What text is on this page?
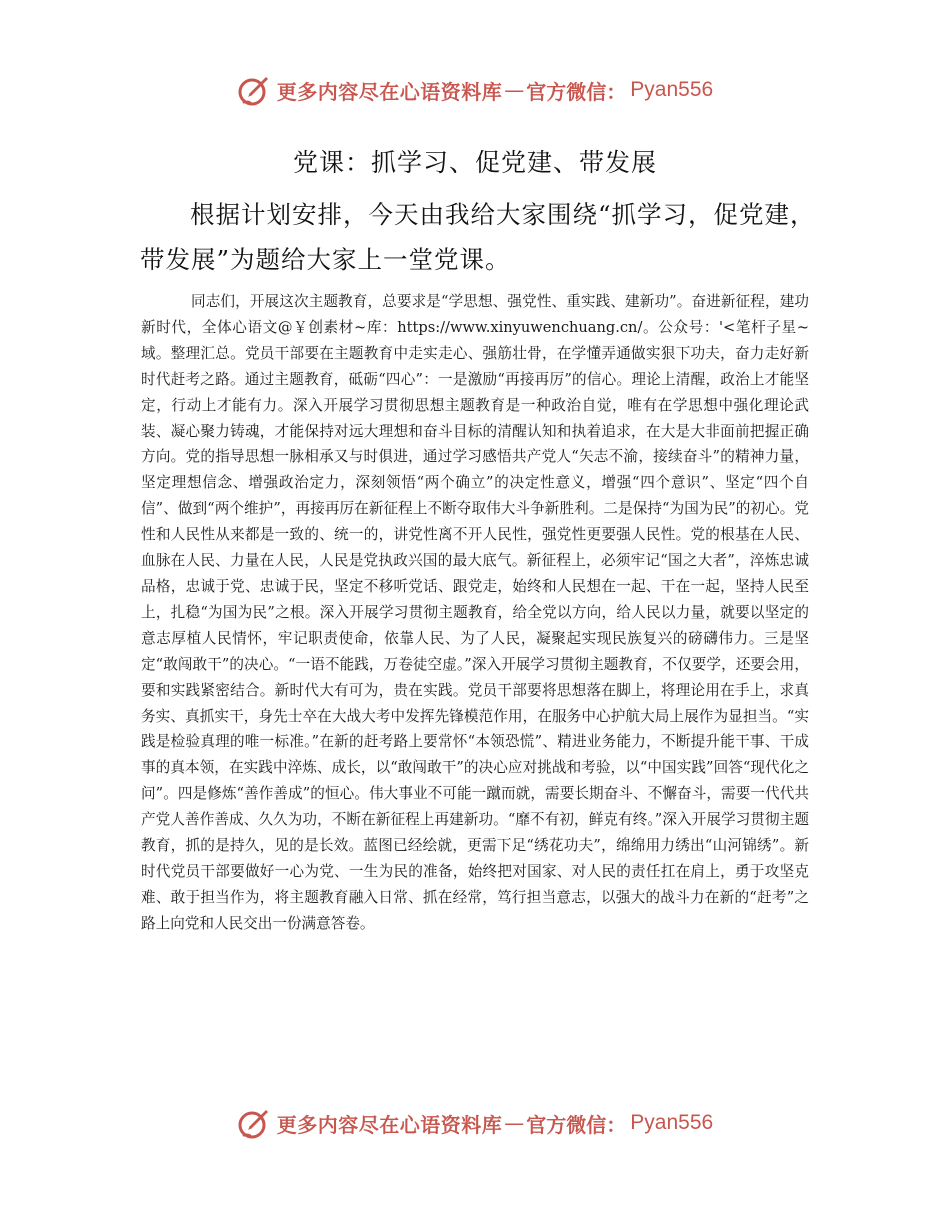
更多内容尽在心语资料库 — 官方微信： Pyan556
党课：抓学习、促党建、带发展

根据计划安排，今天由我给大家围绕“抓学习，促党建，带发展”为题给大家上一堂党课。

同志们，开展这次主题教育，总要求是“学思想、强党性、重实践、建新功”。奋进新征程，建功新时代，全体心语文@￥创素材~库：https://www.xinyuwenchuang.cn/。公众号：'<笔杆子星~域。整理汇总。党员干部要在主题教育中走实走心、强筋壮骨，在学懂弄通做实狠下功夫，奋力走好新时代赶考之路。通过主题教育，砥砺“四心”：一是激励“再接再厉”的信心。理论上清醒，政治上才能坚定，行动上才能有力。深入开展学习贯彻思想主题教育是一种政治自觉，唯有在学思想中强化理论武装、凝心聚力铸魂，才能保持对远大理想和奋斗目标的清醒认知和执着追求，在大是大非面前把握正确方向。党的指导思想一脉相承又与时俱进，通过学习感悟共产党人“矢志不渝，接续奋斗”的精神力量，坚定理想信念、增强政治定力，深刻领悟“两个确立”的决定性意义，增强“四个意识”、坚定“四个自信”、做到“两个维护”，再接再厉在新征程上不断夺取伟大斗争新胜利。二是保持“为国为民”的初心。党性和人民性从来都是一致的、统一的，讲党性离不开人民性，强党性更要强人民性。党的根基在人民、血脉在人民、力量在人民，人民是党执政兴国的最大底气。新征程上，必须牢记“国之大者”，淬炼忠诚品格，忠诚于党、忠诚于民，坚定不移听党话、跟党走，始终和人民想在一起、干在一起，坚持人民至上，扎稳“为国为民”之根。深入开展学习贯彻主题教育，给全党以方向，给人民以力量，就要以坚定的意志厚植人民情怀，牢记职责使命，依靠人民、为了人民，凝聚起实现民族复兴的磅礴伟力。三是坚定“敢闯敢干”的决心。“一语不能践，万卷徒空虚。”深入开展学习贯彻主题教育，不仅要学，还要会用，要和实践紧密结合。新时代大有可为，贵在实践。党员干部要将思想落在脚上，将理论用在手上，求真务实、真抓实干，身先士卒在大战大考中发挥先锋模范作用，在服务中心护航大局上展作为显担当。“实践是检验真理的唯一标准。”在新的赶考路上要常怀“本领恐慌”、精进业务能力，不断提升能干事、干成事的真本领，在实践中淬炼、成长，以“敢闯敢干”的决心应对挑战和考验，以“中国实践”回答“现代化之问”。四是修炼“善作善成”的恒心。伟大事业不可能一蹴而就，需要长期奋斗、不懈奋斗，需要一代代共产党人善作善成、久久为功，不断在新征程上再建新功。“靡不有初，鲜克有终。”深入开展学习贯彻主题教育，抓的是持久，见的是长效。蓝图已经绘就，更需下足“绣花功夫”，绵绵用力绣出“山河锦绣”。新时代党员干部要做好一心为党、一生为民的准备，始终把对国家、对人民的责任扛在肩上，勇于攻坚克难、敢于担当作为，将主题教育融入日常、抓在经常，笃行担当意志，以强大的战斗力在新的“赶考”之路上向党和人民交出一份满意答卷。

更多内容尽在心语资料库 — 官方微信： Pyan556
